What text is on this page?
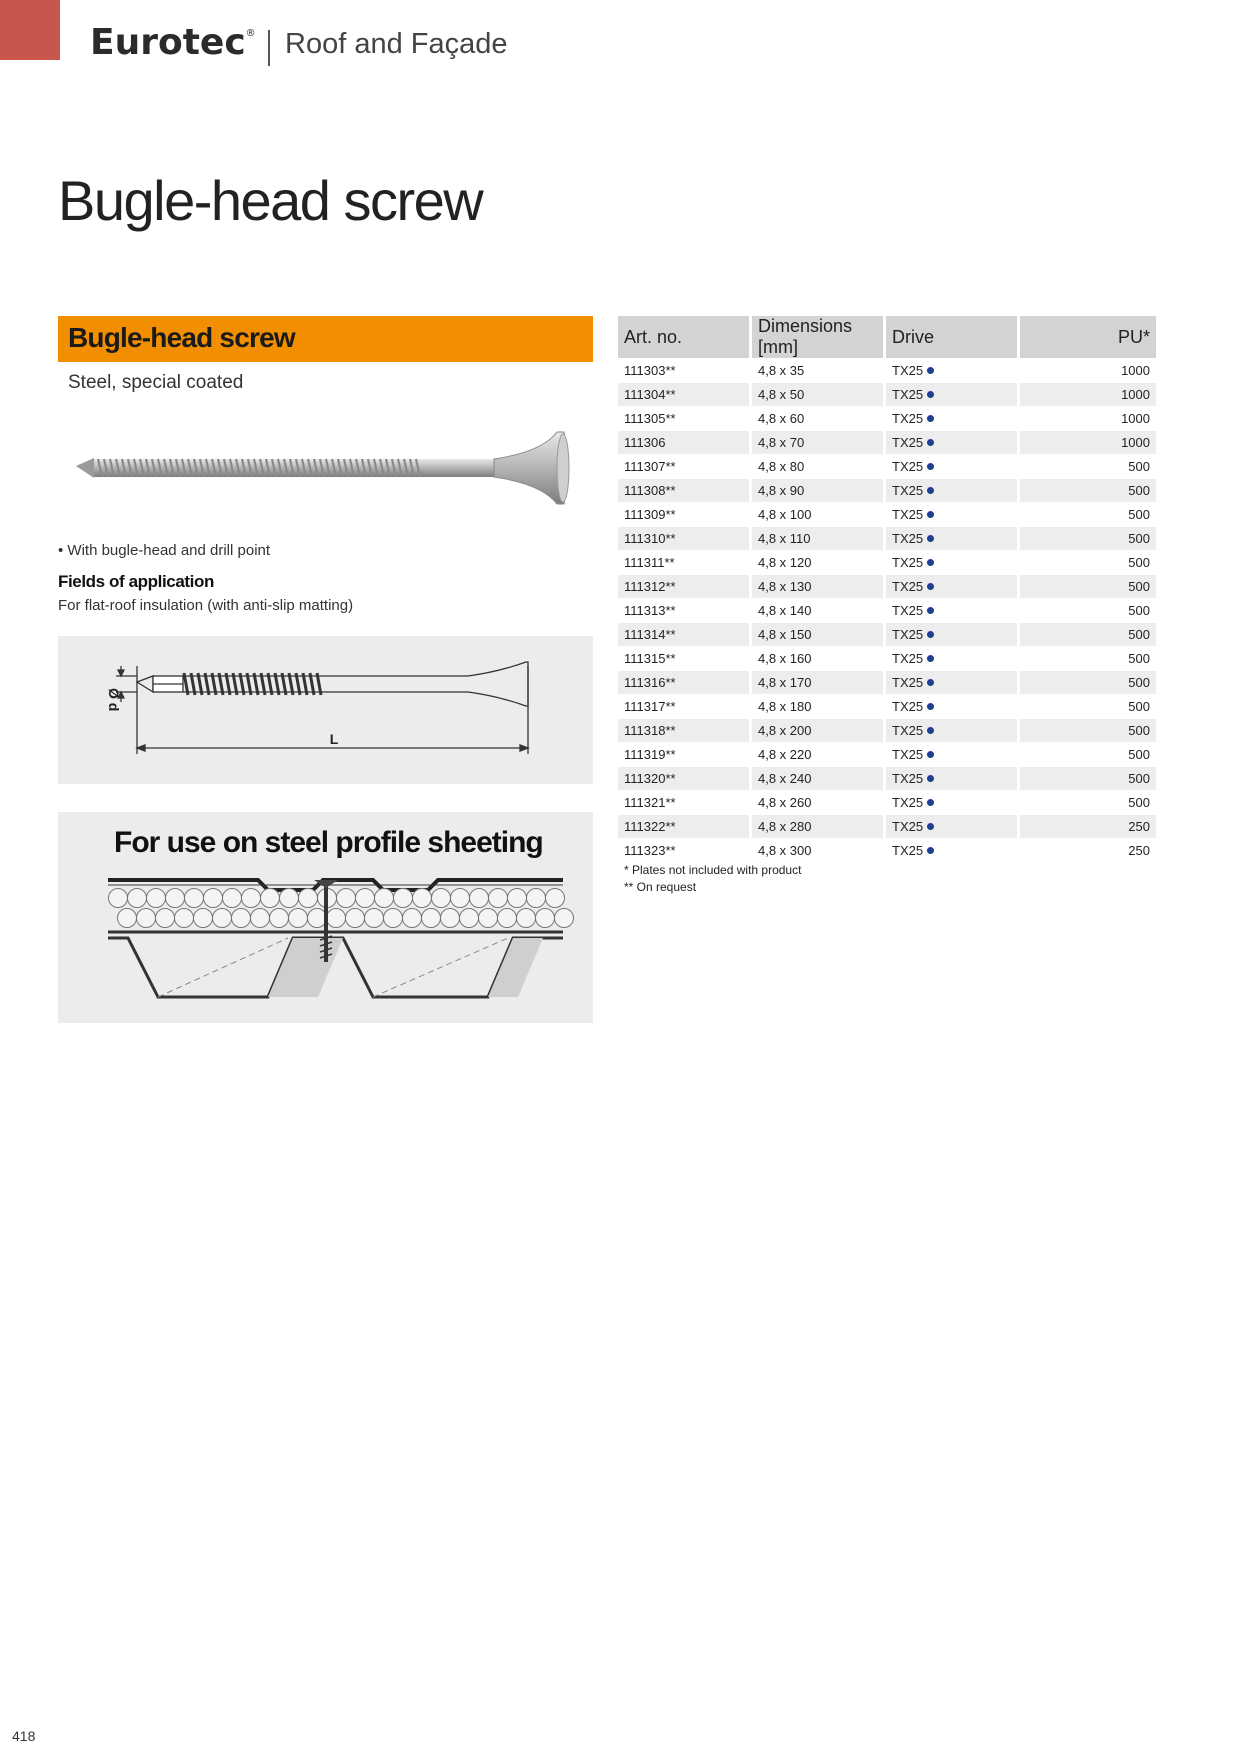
Eurotec® Roof and Façade
Bugle-head screw
Bugle-head screw
Steel, special coated
• With bugle-head and drill point
Fields of application
For flat-roof insulation (with anti-slip matting)
Ø d
L
For use on steel profile sheeting
Art. no.	Dimensions [mm]	Drive	PU*
111303**	4,8 x 35	TX25	1000
111304**	4,8 x 50	TX25	1000
111305**	4,8 x 60	TX25	1000
111306	4,8 x 70	TX25	1000
111307**	4,8 x 80	TX25	500
111308**	4,8 x 90	TX25	500
111309**	4,8 x 100	TX25	500
111310**	4,8 x 110	TX25	500
111311**	4,8 x 120	TX25	500
111312**	4,8 x 130	TX25	500
111313**	4,8 x 140	TX25	500
111314**	4,8 x 150	TX25	500
111315**	4,8 x 160	TX25	500
111316**	4,8 x 170	TX25	500
111317**	4,8 x 180	TX25	500
111318**	4,8 x 200	TX25	500
111319**	4,8 x 220	TX25	500
111320**	4,8 x 240	TX25	500
111321**	4,8 x 260	TX25	500
111322**	4,8 x 280	TX25	250
111323**	4,8 x 300	TX25	250
* Plates not included with product
** On request
418
